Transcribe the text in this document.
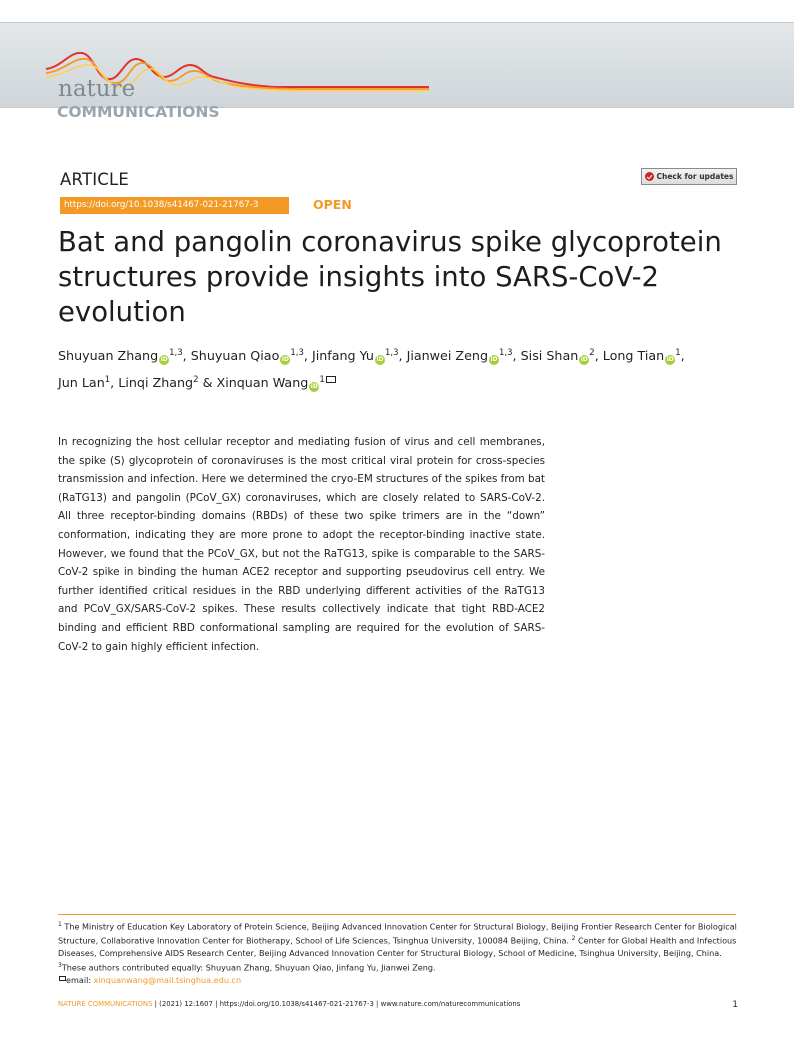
nature
COMMUNICATIONS
ARTICLE	Check for updates
https://doi.org/10.1038/s41467-021-21767-3	OPEN
Bat and pangolin coronavirus spike glycoprotein structures provide insights into SARS-CoV-2 evolution
Shuyuan Zhang iD$^{1,3}$, Shuyuan Qiao iD$^{1,3}$, Jinfang Yu iD$^{1,3}$, Jianwei Zeng iD$^{1,3}$, Sisi Shan iD$^2$, Long Tian iD$^1$,
Jun Lan$^1$, Linqi Zhang$^2$ & Xinquan Wang iD$^1$

In recognizing the host cellular receptor and mediating fusion of virus and cell membranes, the spike (S) glycoprotein of coronaviruses is the most critical viral protein for cross-species transmission and infection. Here we determined the cryo-EM structures of the spikes from bat (RaTG13) and pangolin (PCoV_GX) coronaviruses, which are closely related to SARS-CoV-2. All three receptor-binding domains (RBDs) of these two spike trimers are in the “down” conformation, indicating they are more prone to adopt the receptor-binding inactive state. However, we found that the PCoV_GX, but not the RaTG13, spike is comparable to the SARS-CoV-2 spike in binding the human ACE2 receptor and supporting pseudovirus cell entry. We further identified critical residues in the RBD underlying different activities of the RaTG13 and PCoV_GX/SARS-CoV-2 spikes. These results collectively indicate that tight RBD-ACE2 binding and efficient RBD conformational sampling are required for the evolution of SARS-CoV-2 to gain highly efficient infection.

$^1$ The Ministry of Education Key Laboratory of Protein Science, Beijing Advanced Innovation Center for Structural Biology, Beijing Frontier Research Center for Biological Structure, Collaborative Innovation Center for Biotherapy, School of Life Sciences, Tsinghua University, 100084 Beijing, China. $^2$ Center for Global Health and Infectious Diseases, Comprehensive AIDS Research Center, Beijing Advanced Innovation Center for Structural Biology, School of Medicine, Tsinghua University, Beijing, China. $^3$These authors contributed equally: Shuyuan Zhang, Shuyuan Qiao, Jinfang Yu, Jianwei Zeng.
email: xinquanwang@mail.tsinghua.edu.cn
NATURE COMMUNICATIONS | (2021) 12:1607 | https://doi.org/10.1038/s41467-021-21767-3 | www.nature.com/naturecommunications	1
